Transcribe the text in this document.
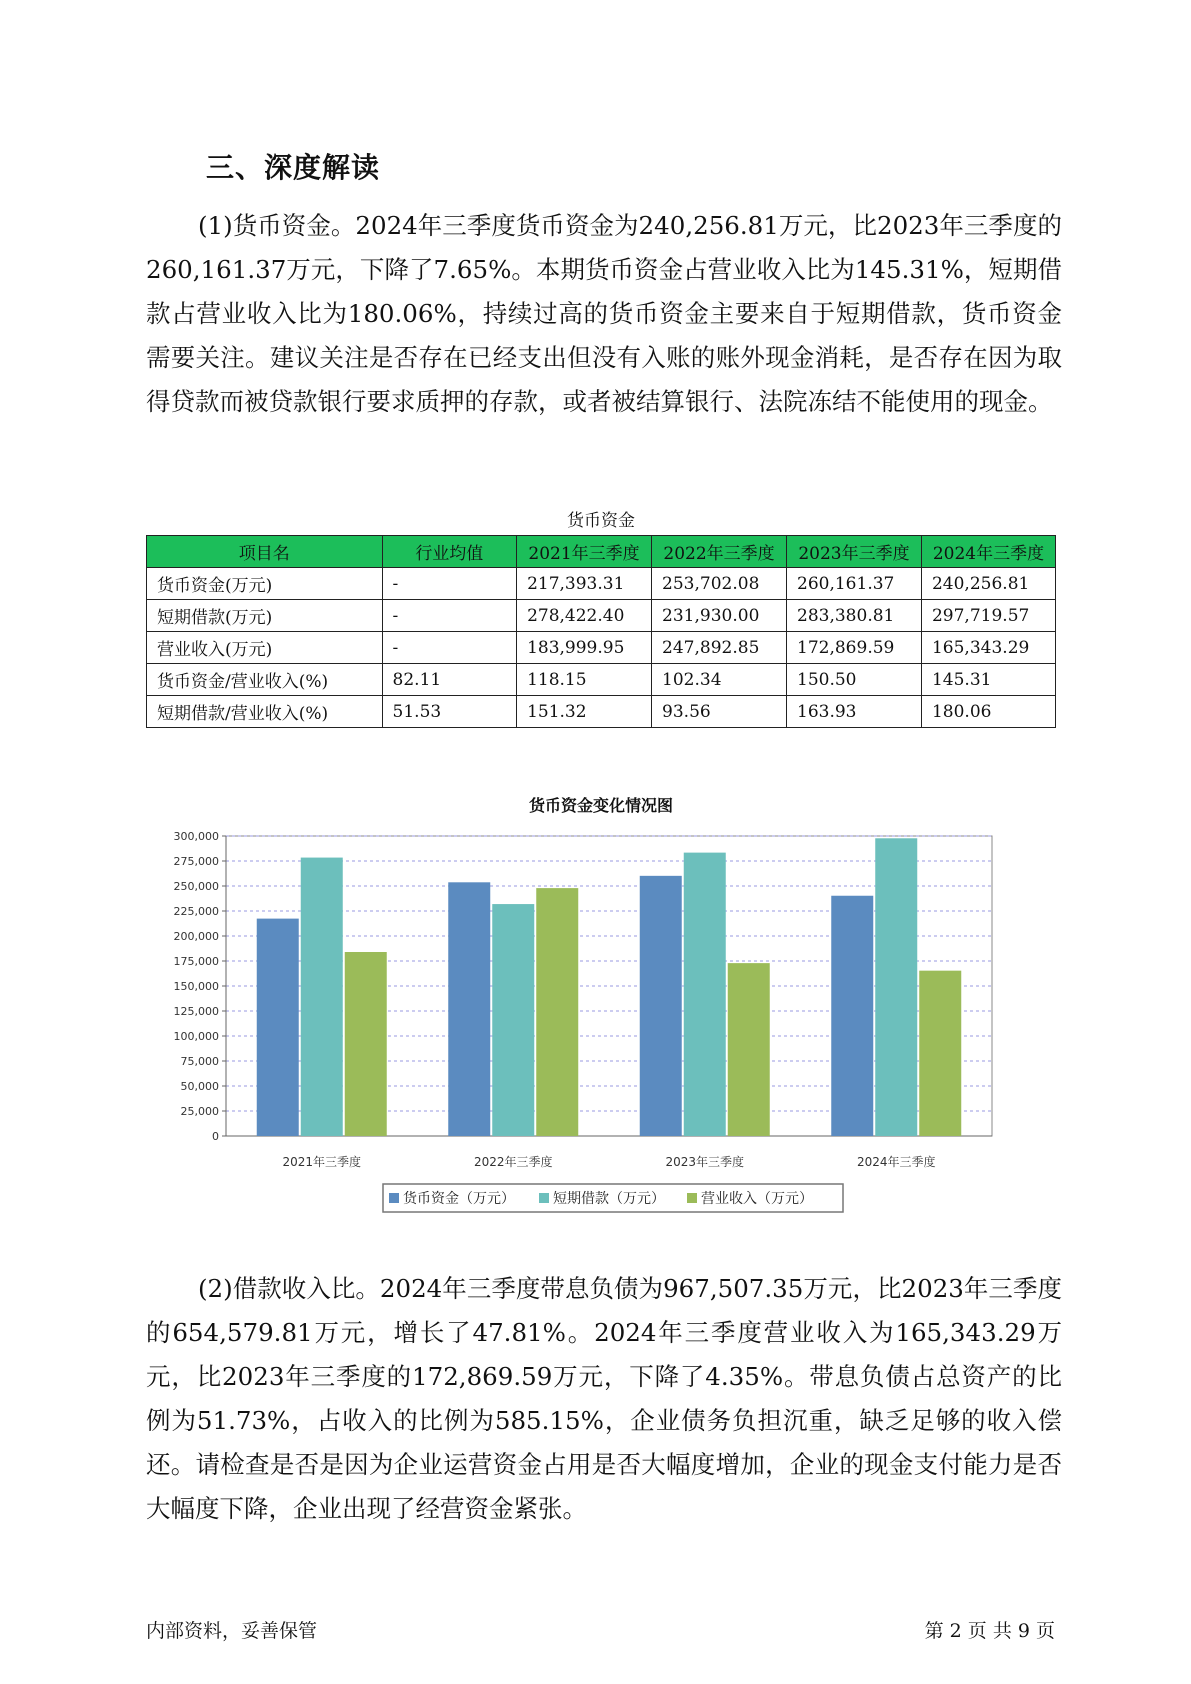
三、深度解读

(1)货币资金。2024年三季度货币资金为240,256.81万元，比2023年三季度的260,161.37万元，下降了7.65%。本期货币资金占营业收入比为145.31%，短期借款占营业收入比为180.06%，持续过高的货币资金主要来自于短期借款，货币资金需要关注。建议关注是否存在已经支出但没有入账的账外现金消耗，是否存在因为取得贷款而被贷款银行要求质押的存款，或者被结算银行、法院冻结不能使用的现金。

货币资金
项目名	行业均值	2021年三季度	2022年三季度	2023年三季度	2024年三季度
货币资金(万元)	-	217,393.31	253,702.08	260,161.37	240,256.81
短期借款(万元)	-	278,422.40	231,930.00	283,380.81	297,719.57
营业收入(万元)	-	183,999.95	247,892.85	172,869.59	165,343.29
货币资金/营业收入(%)	82.11	118.15	102.34	150.50	145.31
短期借款/营业收入(%)	51.53	151.32	93.56	163.93	180.06
货币资金变化情况图
0
25,000
50,000
75,000
100,000
125,000
150,000
175,000
200,000
225,000
250,000
275,000
300,000
2021年三季度	2022年三季度	2023年三季度	2024年三季度
货币资金（万元）	短期借款（万元）	营业收入（万元）

(2)借款收入比。2024年三季度带息负债为967,507.35万元，比2023年三季度的654,579.81万元，增长了47.81%。2024年三季度营业收入为165,343.29万元，比2023年三季度的172,869.59万元，下降了4.35%。带息负债占总资产的比例为51.73%，占收入的比例为585.15%，企业债务负担沉重，缺乏足够的收入偿还。请检查是否是因为企业运营资金占用是否大幅度增加，企业的现金支付能力是否大幅度下降，企业出现了经营资金紧张。

内部资料，妥善保管	第 2 页 共 9 页
